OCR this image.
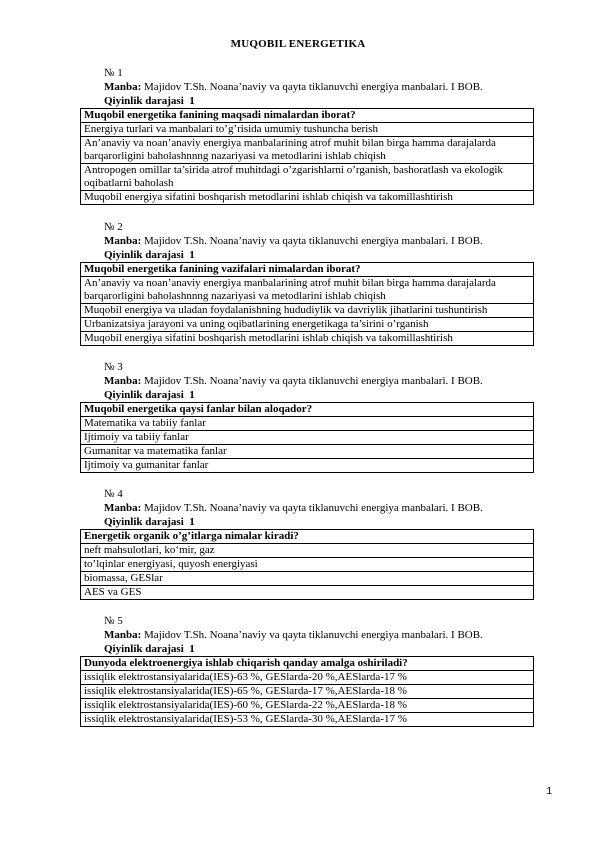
MUQOBIL ENERGETIKA
№ 1
Manba: Majidov T.Sh. Noana’naviy va qayta tiklanuvchi energiya manbalari. I BOB.
Qiyinlik darajasi 1
Muqobil energetika fanining maqsadi nimalardan iborat?
Energiya turlari va manbalari to’g’risida umumiy tushuncha berish
An’anaviy va noan’anaviy energiya manbalarining atrof muhit bilan birga hamma darajalarda barqarorligini baholashnnng nazariyasi va metodlarini ishlab chiqish
Antropogen omillar ta’sirida atrof muhitdagi o’zgarishlarni o’rganish, bashoratlash va ekologik oqibatlarni baholash
Muqobil energiya sifatini boshqarish metodlarini ishlab chiqish va takomillashtirish
№ 2
Manba: Majidov T.Sh. Noana’naviy va qayta tiklanuvchi energiya manbalari. I BOB.
Qiyinlik darajasi 1
Muqobil energetika fanining vazifalari nimalardan iborat?
An’anaviy va noan’anaviy energiya manbalarining atrof muhit bilan birga hamma darajalarda barqarorligini baholashnnng nazariyasi va metodlarini ishlab chiqish
Muqobil energiya va uladan foydalanishning hududiylik va davriylik jihatlarini tushuntirish
Urbanizatsiya jarayoni va uning oqibatlarining energetikaga ta’sirini o’rganish
Muqobil energiya sifatini boshqarish metodlarini ishlab chiqish va takomillashtirish
№ 3
Manba: Majidov T.Sh. Noana’naviy va qayta tiklanuvchi energiya manbalari. I BOB.
Qiyinlik darajasi 1
Muqobil energetika qaysi fanlar bilan aloqador?
Matematika va tabiiy fanlar
Ijtimoiy va tabiiy fanlar
Gumanitar va matematika fanlar
Ijtimoiy va gumanitar fanlar
№ 4
Manba: Majidov T.Sh. Noana’naviy va qayta tiklanuvchi energiya manbalari. I BOB.
Qiyinlik darajasi 1
Energetik organik o’g’itlarga nimalar kiradi?
neft mahsulotlari, ko‘mir, gaz
to’lqinlar energiyasi, quyosh energiyasi
biomassa, GESlar
AES va GES
№ 5
Manba: Majidov T.Sh. Noana’naviy va qayta tiklanuvchi energiya manbalari. I BOB.
Qiyinlik darajasi 1
Dunyoda elektroenergiya ishlab chiqarish qanday amalga oshiriladi?
issiqlik elektrostansiyalarida(IES)-63 %, GESlarda-20 %,AESlarda-17 %
issiqlik elektrostansiyalarida(IES)-65 %, GESlarda-17 %,AESlarda-18 %
issiqlik elektrostansiyalarida(IES)-60 %, GESlarda-22 %,AESlarda-18 %
issiqlik elektrostansiyalarida(IES)-53 %, GESlarda-30 %,AESlarda-17 %
1
